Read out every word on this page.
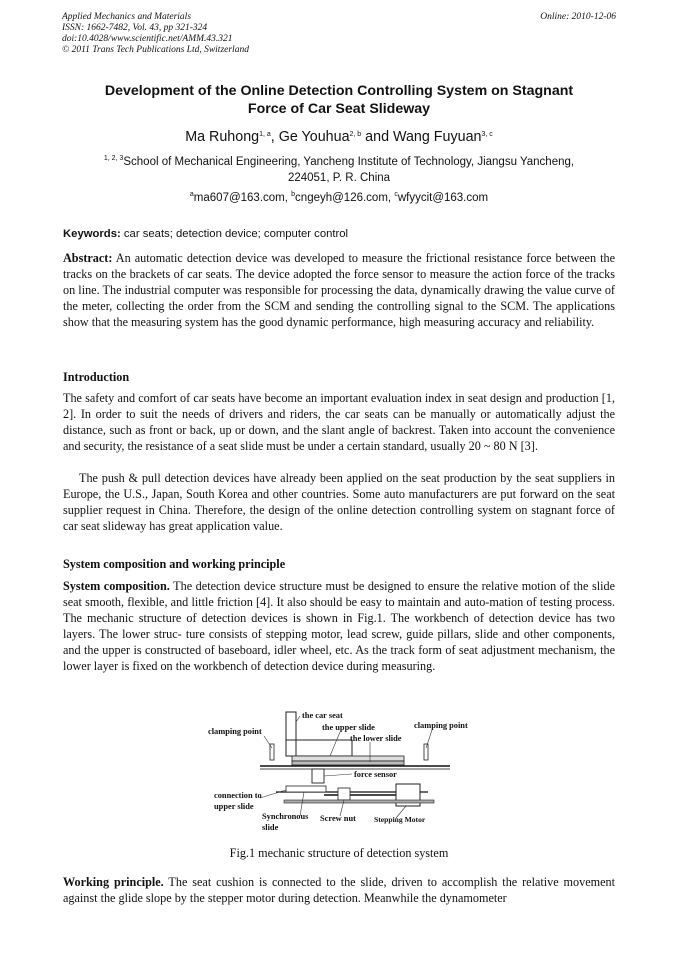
Applied Mechanics and Materials
ISSN: 1662-7482, Vol. 43, pp 321-324
doi:10.4028/www.scientific.net/AMM.43.321
© 2011 Trans Tech Publications Ltd, Switzerland
Online: 2010-12-06
Development of the Online Detection Controlling System on Stagnant
Force of Car Seat Slideway
Ma Ruhong$^{1, a}$, Ge Youhua$^{2, b}$ and Wang Fuyuan$^{3, c}$
$^{1, 2, 3}$School of Mechanical Engineering, Yancheng Institute of Technology, Jiangsu Yancheng,
224051, P. R. China
$^a$ma607@163.com, $^b$cngeyh@126.com, $^c$wfyycit@163.com
Keywords: car seats; detection device; computer control
Abstract: An automatic detection device was developed to measure the frictional resistance force between the tracks on the brackets of car seats. The device adopted the force sensor to measure the action force of the tracks on line. The industrial computer was responsible for processing the data, dynamically drawing the value curve of the meter, collecting the order from the SCM and sending the controlling signal to the SCM. The applications show that the measuring system has the good dynamic performance, high measuring accuracy and reliability.
Introduction
The safety and comfort of car seats have become an important evaluation index in seat design and production [1, 2]. In order to suit the needs of drivers and riders, the car seats can be manually or automatically adjust the distance, such as front or back, up or down, and the slant angle of backrest. Taken into account the convenience and security, the resistance of a seat slide must be under a certain standard, usually 20 ~ 80 N [3].
The push & pull detection devices have already been applied on the seat production by the seat suppliers in Europe, the U.S., Japan, South Korea and other countries. Some auto manufacturers are put forward on the seat supplier request in China. Therefore, the design of the online detection controlling system on stagnant force of car seat slideway has great application value.
System composition and working principle
System composition. The detection device structure must be designed to ensure the relative motion of the slide seat smooth, flexible, and little friction [4]. It also should be easy to maintain and auto-mation of testing process. The mechanic structure of detection devices is shown in Fig.1. The workbench of detection device has two layers. The lower struc- ture consists of stepping motor, lead screw, guide pillars, slide and other components, and the upper is constructed of baseboard, idler wheel, etc. As the track form of seat adjustment mechanism, the lower layer is fixed on the workbench of detection device during measuring.
the car seat
the upper slide
the lower slide
clamping point
clamping point
force sensor
connection to
upper slide
Synchronous
slide
Screw nut Stepping Motor
Fig.1 mechanic structure of detection system
Working principle. The seat cushion is connected to the slide, driven to accomplish the relative movement against the glide slope by the stepper motor during detection. Meanwhile the dynamometer
